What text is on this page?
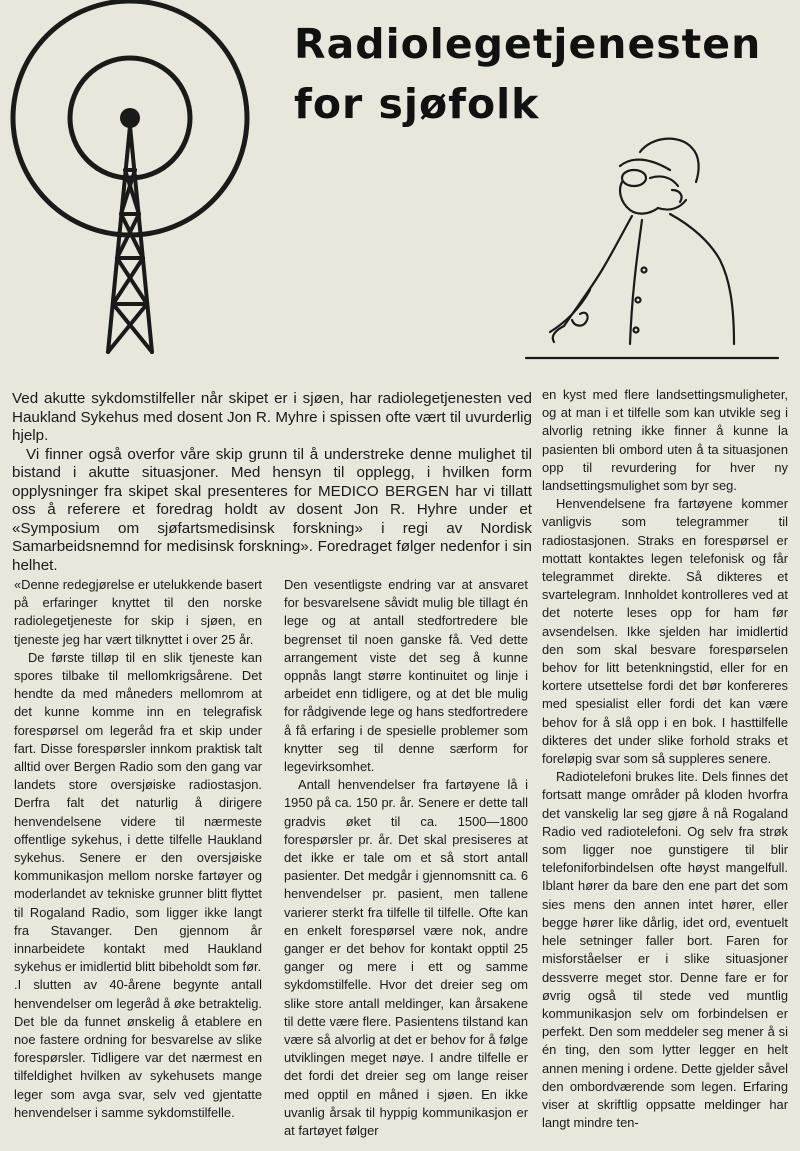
Radiolegetjenesten
for sjøfolk

Ved akutte sykdomstilfeller når skipet er i sjøen, har radiolegetjenesten ved Haukland Sykehus med dosent Jon R. Myhre i spissen ofte vært til uvurderlig hjelp.

Vi finner også overfor våre skip grunn til å understreke denne mulighet til bistand i akutte situasjoner. Med hensyn til opplegg, i hvilken form opplysninger fra skipet skal presenteres for MEDICO BERGEN har vi tillatt oss å referere et foredrag holdt av dosent Jon R. Hyhre under et «Symposium om sjøfartsmedisinsk forskning» i regi av Nordisk Samarbeidsnemnd for medisinsk forskning». Foredraget følger nedenfor i sin helhet.

«Denne redegjørelse er utelukkende basert på erfaringer knyttet til den norske radiolegetjeneste for skip i sjøen, en tjeneste jeg har vært tilknyttet i over 25 år.

De første tilløp til en slik tjeneste kan spores tilbake til mellomkrigsårene. Det hendte da med måneders mellomrom at det kunne komme inn en telegrafisk forespørsel om legeråd fra et skip under fart. Disse forespørsler innkom praktisk talt alltid over Bergen Radio som den gang var landets store oversjøiske radiostasjon. Derfra falt det naturlig å dirigere henvendelsene videre til nærmeste offentlige sykehus, i dette tilfelle Haukland sykehus. Senere er den oversjøiske kommunikasjon mellom norske fartøyer og moderlandet av tekniske grunner blitt flyttet til Rogaland Radio, som ligger ikke langt fra Stavanger. Den gjennom år innarbeidete kontakt med Haukland sykehus er imidlertid blitt bibeholdt som før.

.I slutten av 40-årene begynte antall henvendelser om legeråd å øke betraktelig. Det ble da funnet ønskelig å etablere en noe fastere ordning for besvarelse av slike forespørsler. Tidligere var det nærmest en tilfeldighet hvilken av sykehusets mange leger som avga svar, selv ved gjentatte henvendelser i samme sykdomstilfelle.

Den vesentligste endring var at ansvaret for besvarelsene såvidt mulig ble tillagt én lege og at antall stedfortredere ble begrenset til noen ganske få. Ved dette arrangement viste det seg å kunne oppnås langt større kontinuitet og linje i arbeidet enn tidligere, og at det ble mulig for rådgivende lege og hans stedfortredere å få erfaring i de spesielle problemer som knytter seg til denne særform for legevirksomhet.

Antall henvendelser fra fartøyene lå i 1950 på ca. 150 pr. år. Senere er dette tall gradvis øket til ca. 1500—1800 forespørsler pr. år. Det skal presiseres at det ikke er tale om et så stort antall pasienter. Det medgår i gjennomsnitt ca. 6 henvendelser pr. pasient, men tallene varierer sterkt fra tilfelle til tilfelle. Ofte kan en enkelt forespørsel være nok, andre ganger er det behov for kontakt opptil 25 ganger og mere i ett og samme sykdomstilfelle. Hvor det dreier seg om slike store antall meldinger, kan årsakene til dette være flere. Pasientens tilstand kan være så alvorlig at det er behov for å følge utviklingen meget nøye. I andre tilfelle er det fordi det dreier seg om lange reiser med opptil en måned i sjøen. En ikke uvanlig årsak til hyppig kommunikasjon er at fartøyet følger

en kyst med flere landsettingsmuligheter, og at man i et tilfelle som kan utvikle seg i alvorlig retning ikke finner å kunne la pasienten bli ombord uten å ta situasjonen opp til revurdering for hver ny landsettingsmulighet som byr seg.

Henvendelsene fra fartøyene kommer vanligvis som telegrammer til radiostasjonen. Straks en forespørsel er mottatt kontaktes legen telefonisk og får telegrammet direkte. Så dikteres et svartelegram. Innholdet kontrolleres ved at det noterte leses opp for ham før avsendelsen. Ikke sjelden har imidlertid den som skal besvare forespørselen behov for litt betenkningstid, eller for en kortere utsettelse fordi det bør konfereres med spesialist eller fordi det kan være behov for å slå opp i en bok. I hasttilfelle dikteres det under slike forhold straks et foreløpig svar som så suppleres senere.

Radiotelefoni brukes lite. Dels finnes det fortsatt mange områder på kloden hvorfra det vanskelig lar seg gjøre å nå Rogaland Radio ved radiotelefoni. Og selv fra strøk som ligger noe gunstigere til blir telefoniforbindelsen ofte høyst mangelfull. Iblant hører da bare den ene part det som sies mens den annen intet hører, eller begge hører like dårlig, idet ord, eventuelt hele setninger faller bort. Faren for misforståelser er i slike situasjoner dessverre meget stor. Denne fare er for øvrig også til stede ved muntlig kommunikasjon selv om forbindelsen er perfekt. Den som meddeler seg mener å si én ting, den som lytter legger en helt annen mening i ordene. Dette gjelder såvel den ombordværende som legen. Erfaring viser at skriftlig oppsatte meldinger har langt mindre ten-
